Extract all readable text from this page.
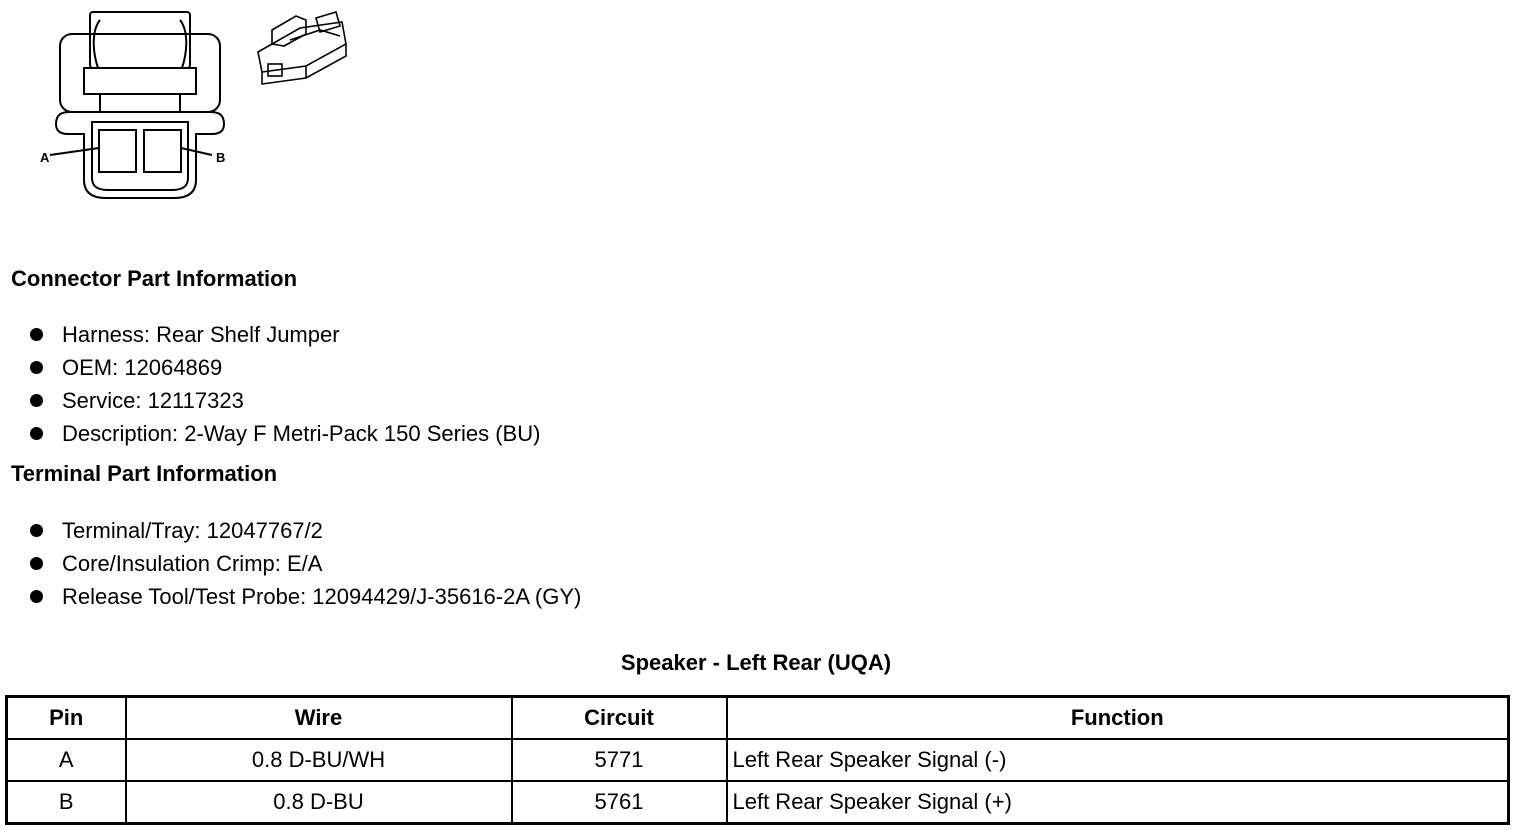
A	B
Connector Part Information
Harness: Rear Shelf Jumper
OEM: 12064869
Service: 12117323
Description: 2-Way F Metri-Pack 150 Series (BU)
Terminal Part Information
Terminal/Tray: 12047767/2
Core/Insulation Crimp: E/A
Release Tool/Test Probe: 12094429/J-35616-2A (GY)
Speaker - Left Rear (UQA)
Pin	Wire	Circuit	Function
A	0.8 D-BU/WH	5771	Left Rear Speaker Signal (-)
B	0.8 D-BU	5761	Left Rear Speaker Signal (+)
